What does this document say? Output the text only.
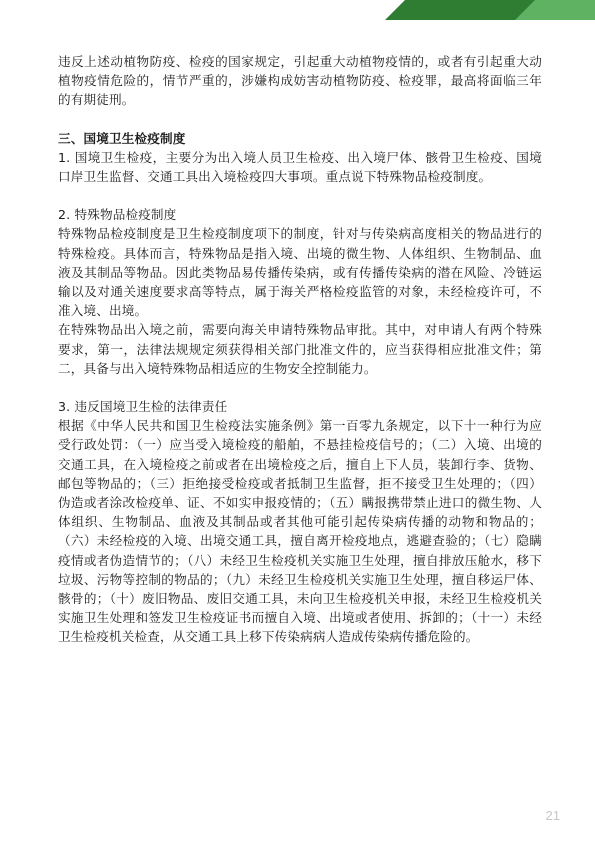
违反上述动植物防疫、检疫的国家规定，引起重大动植物疫情的，或者有引起重大动植物疫情危险的，情节严重的，涉嫌构成妨害动植物防疫、检疫罪，最高将面临三年的有期徒刑。

三、国境卫生检疫制度

1. 国境卫生检疫，主要分为出入境人员卫生检疫、出入境尸体、骸骨卫生检疫、国境口岸卫生监督、交通工具出入境检疫四大事项。重点说下特殊物品检疫制度。

2. 特殊物品检疫制度

特殊物品检疫制度是卫生检疫制度项下的制度，针对与传染病高度相关的物品进行的特殊检疫。具体而言，特殊物品是指入境、出境的微生物、人体组织、生物制品、血液及其制品等物品。因此类物品易传播传染病，或有传播传染病的潜在风险、冷链运输以及对通关速度要求高等特点，属于海关严格检疫监管的对象，未经检疫许可，不准入境、出境。

在特殊物品出入境之前，需要向海关申请特殊物品审批。其中，对申请人有两个特殊要求，第一，法律法规规定须获得相关部门批准文件的，应当获得相应批准文件；第二，具备与出入境特殊物品相适应的生物安全控制能力。

3. 违反国境卫生检的法律责任

根据《中华人民共和国卫生检疫法实施条例》第一百零九条规定，以下十一种行为应受行政处罚：（一）应当受入境检疫的船舶，不悬挂检疫信号的；（二）入境、出境的交通工具，在入境检疫之前或者在出境检疫之后，擅自上下人员，装卸行李、货物、邮包等物品的；（三）拒绝接受检疫或者抵制卫生监督，拒不接受卫生处理的；（四）伪造或者涂改检疫单、证、不如实申报疫情的；（五）瞒报携带禁止进口的微生物、人体组织、生物制品、血液及其制品或者其他可能引起传染病传播的动物和物品的；（六）未经检疫的入境、出境交通工具，擅自离开检疫地点，逃避查验的；（七）隐瞒疫情或者伪造情节的；（八）未经卫生检疫机关实施卫生处理，擅自排放压舱水，移下垃圾、污物等控制的物品的；（九）未经卫生检疫机关实施卫生处理，擅自移运尸体、骸骨的；（十）废旧物品、废旧交通工具，未向卫生检疫机关申报，未经卫生检疫机关实施卫生处理和签发卫生检疫证书而擅自入境、出境或者使用、拆卸的；（十一）未经卫生检疫机关检查，从交通工具上移下传染病病人造成传染病传播危险的。

21
